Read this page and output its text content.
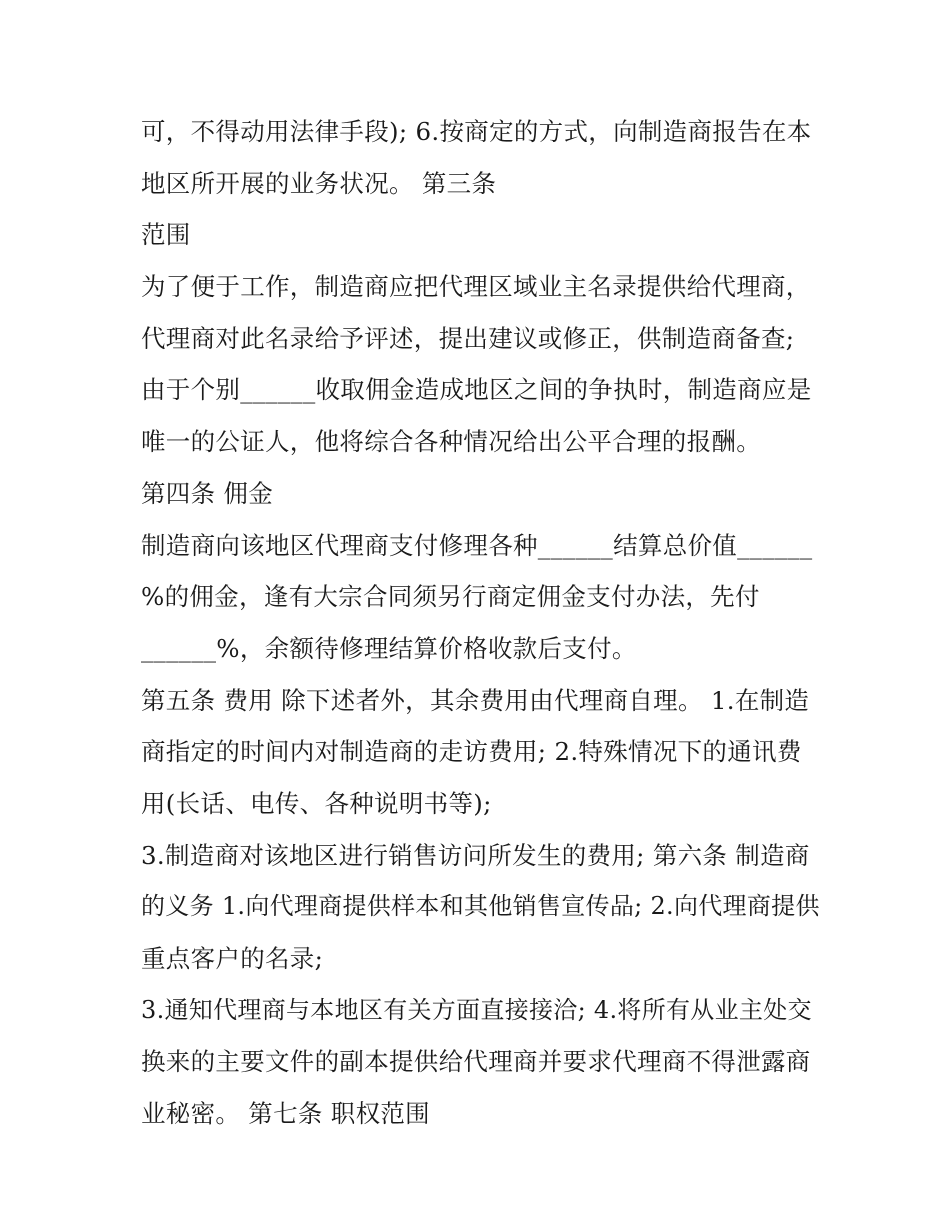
可，不得动用法律手段); 6.按商定的方式，向制造商报告在本
地区所开展的业务状况。 第三条
范围
为了便于工作，制造商应把代理区域业主名录提供给代理商，
代理商对此名录给予评述，提出建议或修正，供制造商备查;
由于个别______收取佣金造成地区之间的争执时，制造商应是
唯一的公证人，他将综合各种情况给出公平合理的报酬。
第四条 佣金
制造商向该地区代理商支付修理各种______结算总价值______
%的佣金，逢有大宗合同须另行商定佣金支付办法，先付
______%，余额待修理结算价格收款后支付。
第五条 费用 除下述者外，其余费用由代理商自理。 1.在制造
商指定的时间内对制造商的走访费用; 2.特殊情况下的通讯费
用(长话、电传、各种说明书等);
3.制造商对该地区进行销售访问所发生的费用; 第六条 制造商
的义务 1.向代理商提供样本和其他销售宣传品; 2.向代理商提供
重点客户的名录;
3.通知代理商与本地区有关方面直接接洽; 4.将所有从业主处交
换来的主要文件的副本提供给代理商并要求代理商不得泄露商
业秘密。 第七条 职权范围
